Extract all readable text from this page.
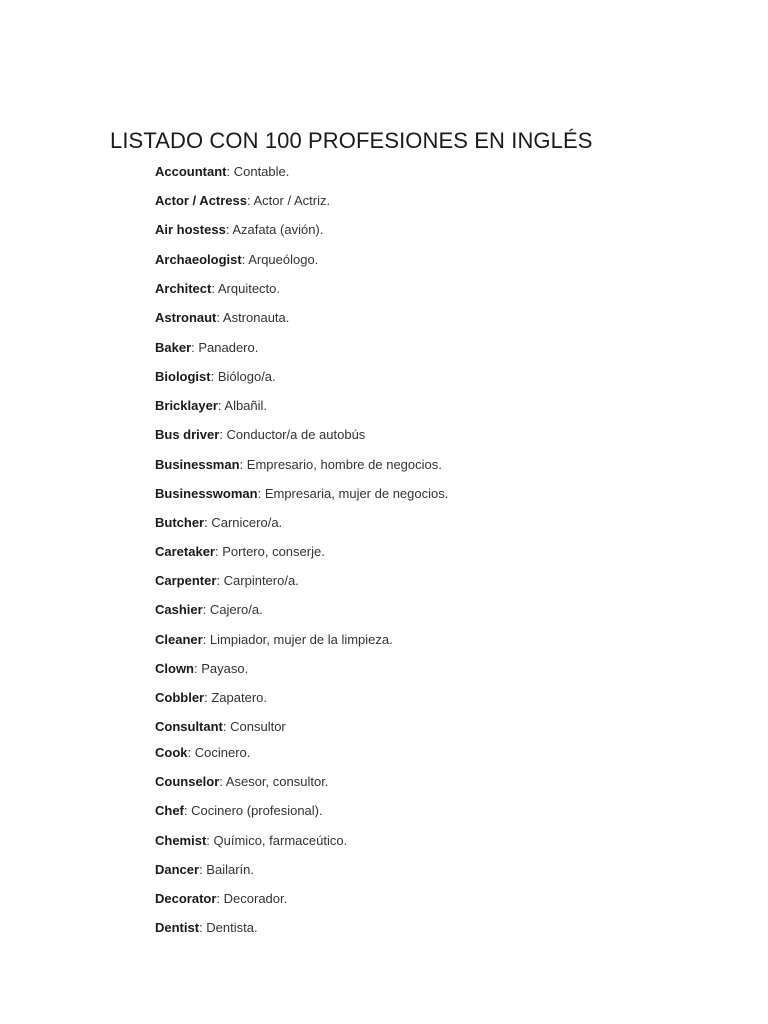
LISTADO CON 100 PROFESIONES EN INGLÉS
Accountant: Contable.
Actor / Actress: Actor / Actriz.
Air hostess: Azafata (avión).
Archaeologist: Arqueólogo.
Architect: Arquitecto.
Astronaut: Astronauta.
Baker: Panadero.
Biologist: Biólogo/a.
Bricklayer: Albañil.
Bus driver: Conductor/a de autobús
Businessman: Empresario, hombre de negocios.
Businesswoman: Empresaria, mujer de negocios.
Butcher: Carnicero/a.
Caretaker: Portero, conserje.
Carpenter: Carpintero/a.
Cashier: Cajero/a.
Cleaner: Limpiador, mujer de la limpieza.
Clown: Payaso.
Cobbler: Zapatero.
Consultant: Consultor
Cook: Cocinero.
Counselor: Asesor, consultor.
Chef: Cocinero (profesional).
Chemist: Químico, farmaceútico.
Dancer: Bailarín.
Decorator: Decorador.
Dentist: Dentista.
